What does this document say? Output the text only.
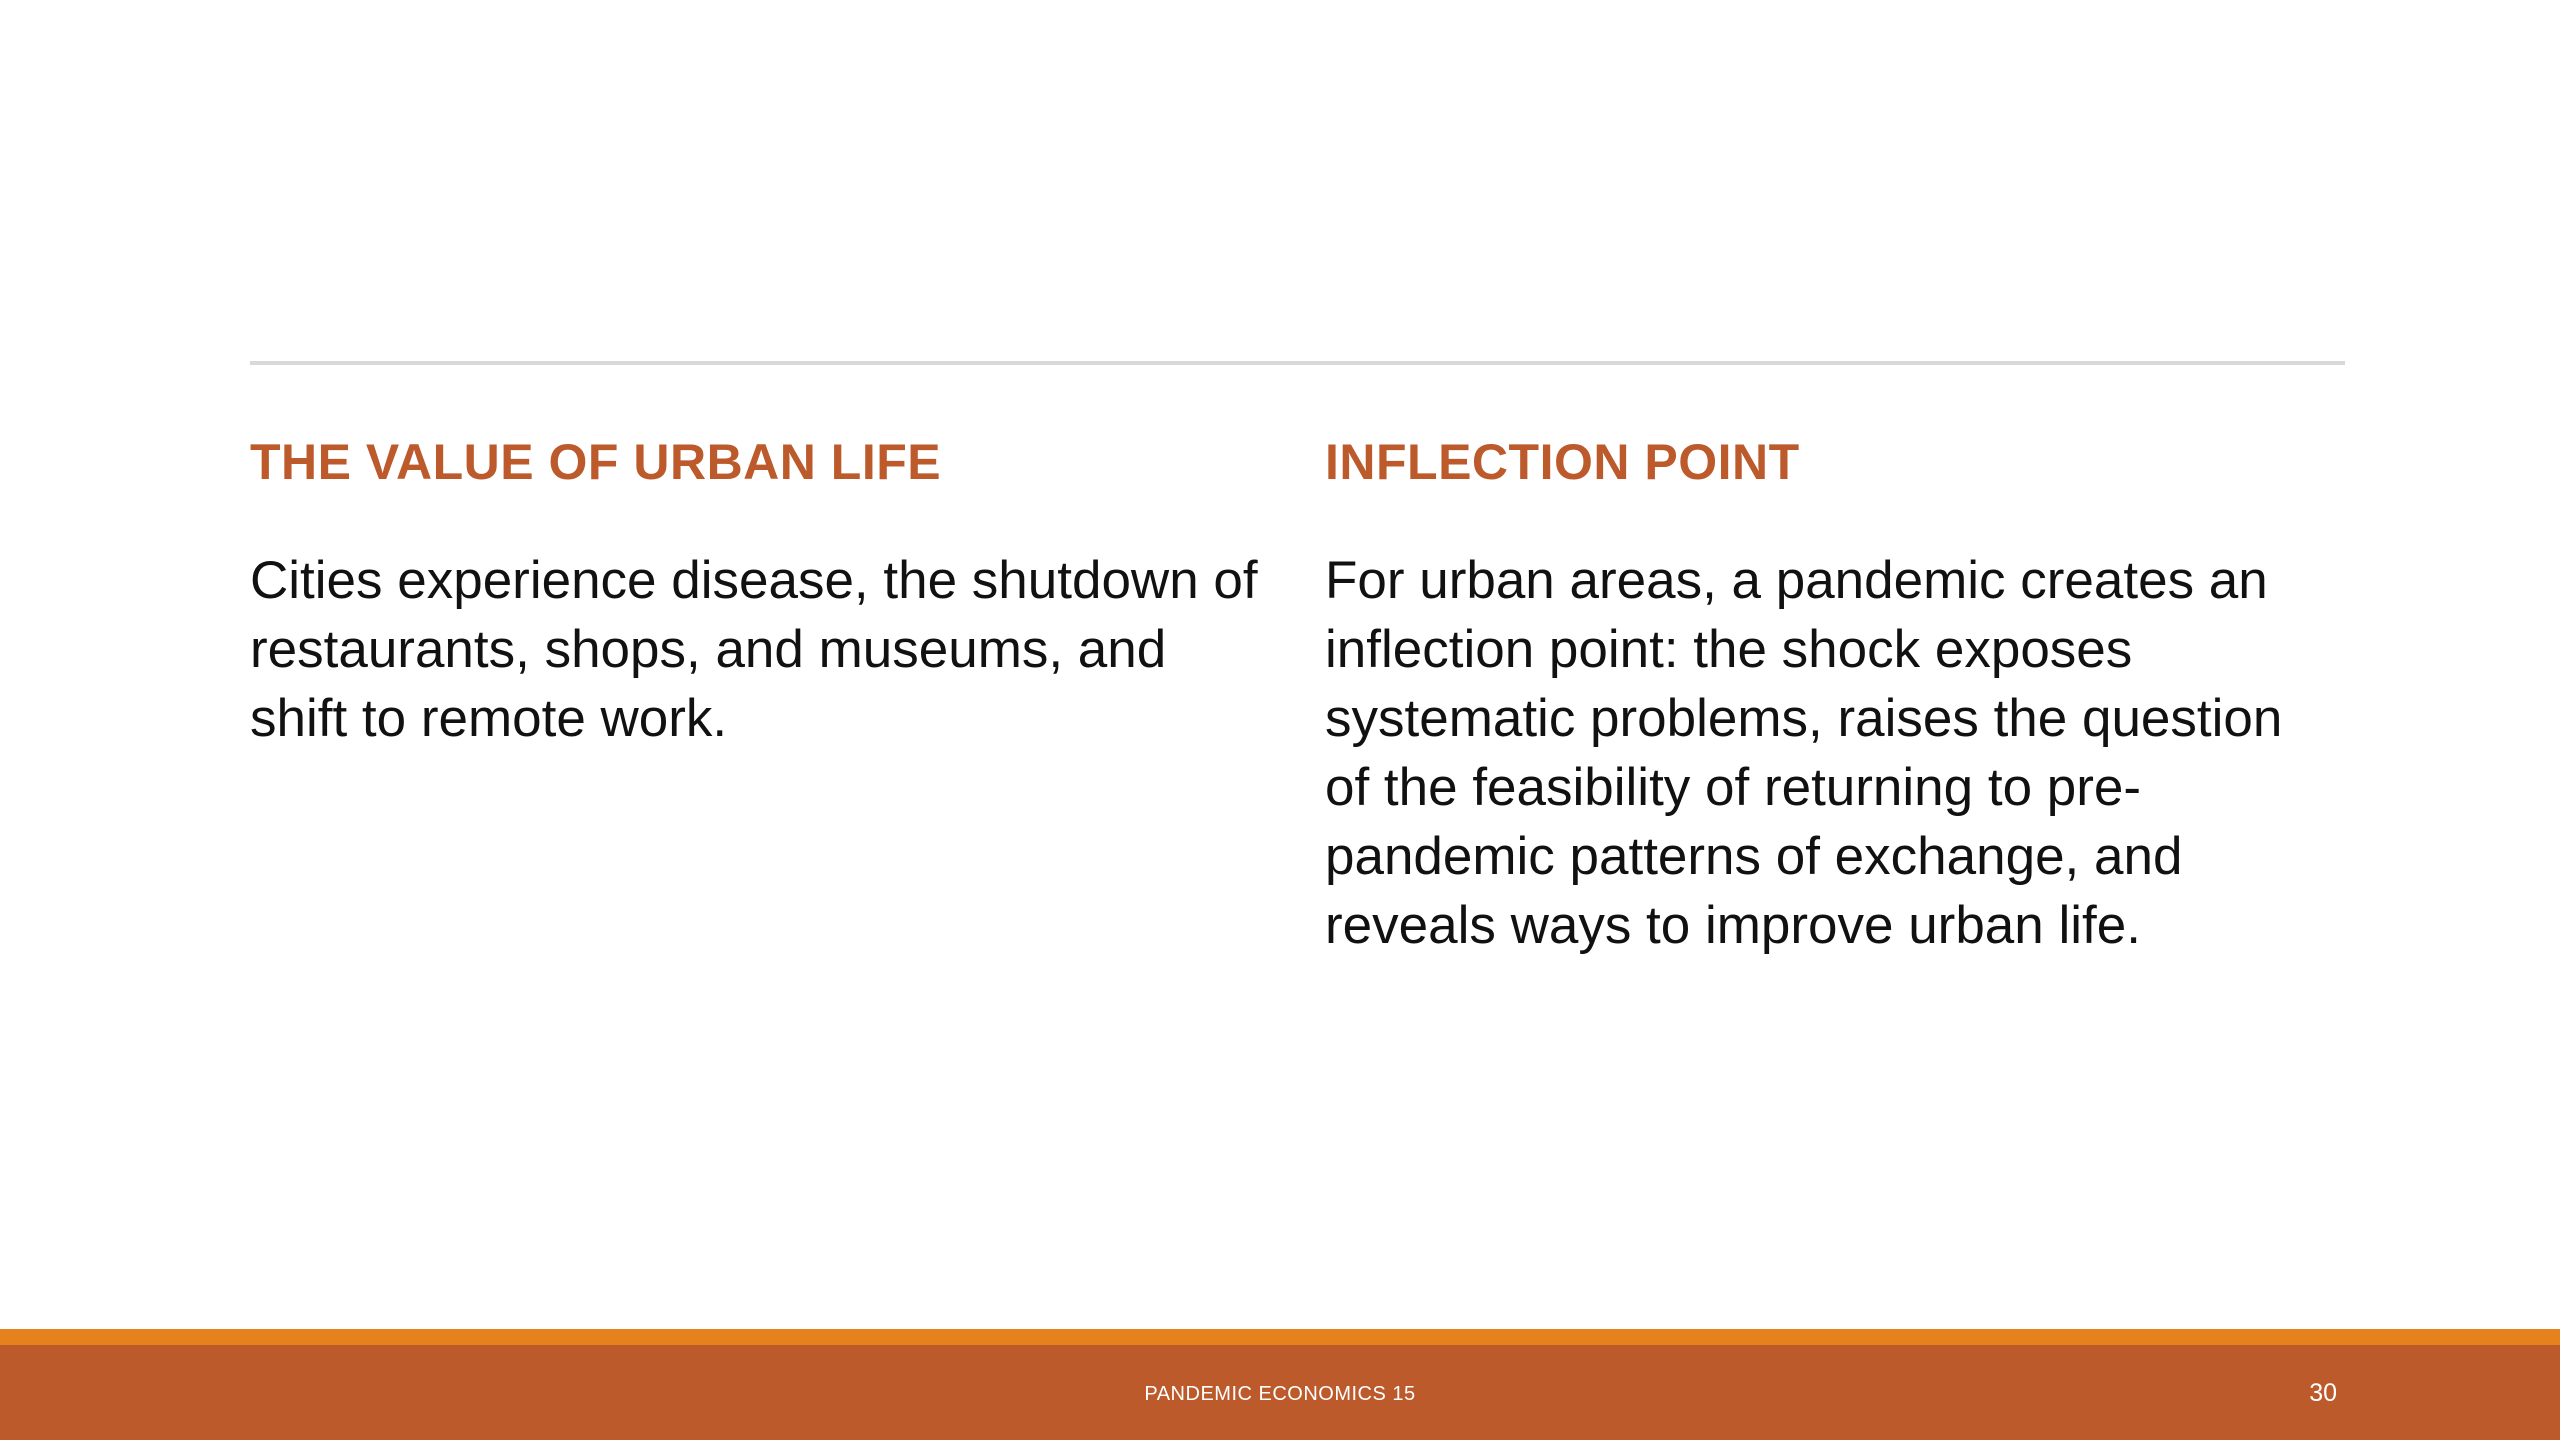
THE VALUE OF URBAN LIFE

Cities experience disease, the shutdown of restaurants, shops, and museums, and shift to remote work.

INFLECTION POINT

For urban areas, a pandemic creates an inflection point: the shock exposes systematic problems, raises the question of the feasibility of returning to pre-pandemic patterns of exchange, and reveals ways to improve urban life.

PANDEMIC ECONOMICS 15	30
